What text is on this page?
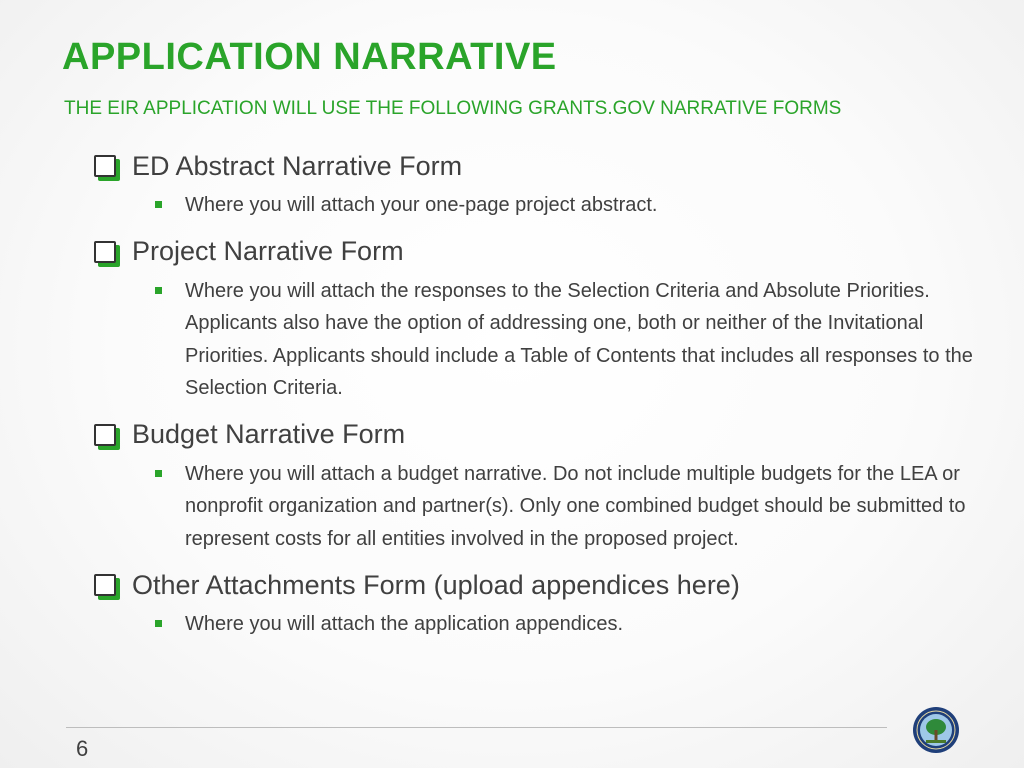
APPLICATION NARRATIVE
THE EIR APPLICATION WILL USE THE FOLLOWING GRANTS.GOV NARRATIVE FORMS
ED Abstract Narrative Form
Where you will attach your one-page project abstract.
Project Narrative Form
Where you will attach the responses to the Selection Criteria and Absolute Priorities. Applicants also have the option of addressing one, both or neither of the Invitational Priorities. Applicants should include a Table of Contents that includes all responses to the Selection Criteria.
Budget Narrative Form
Where you will attach a budget narrative. Do not include multiple budgets for the LEA or nonprofit organization and partner(s). Only one combined budget should be submitted to represent costs for all entities involved in the proposed project.
Other Attachments Form (upload appendices here)
Where you will attach the application appendices.
6
